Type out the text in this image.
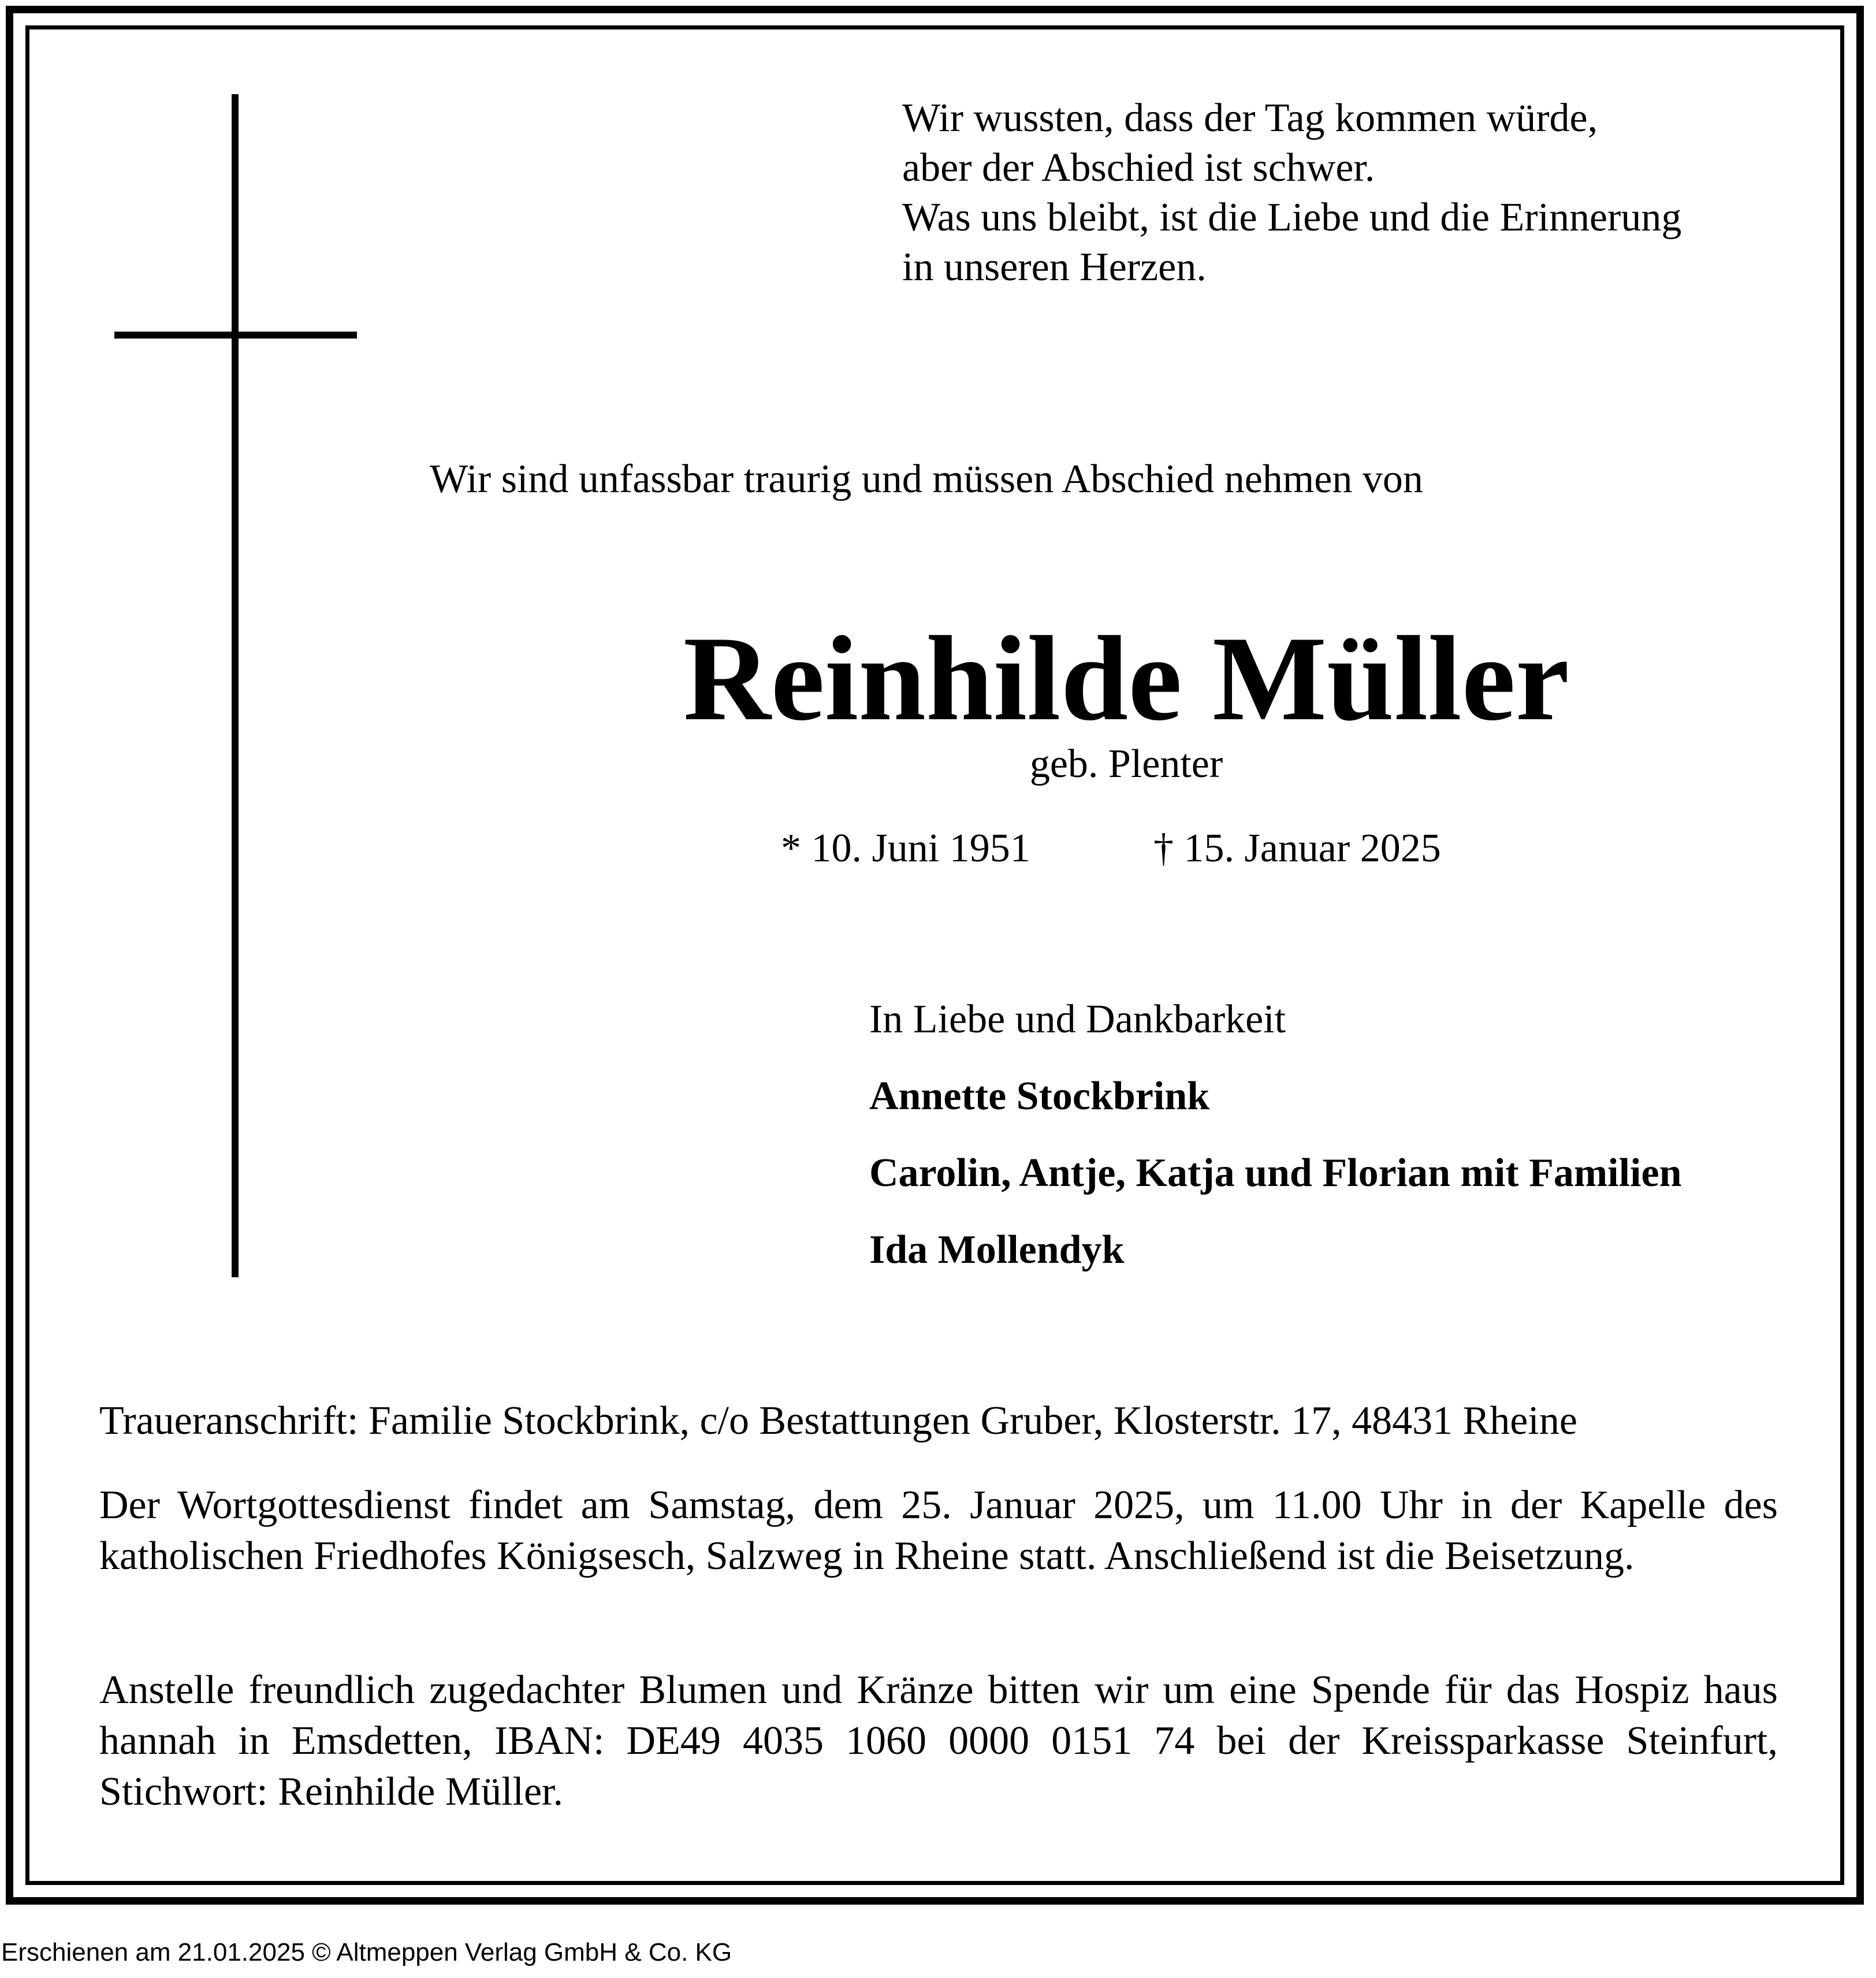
Wir wussten, dass der Tag kommen würde,
aber der Abschied ist schwer.
Was uns bleibt, ist die Liebe und die Erinnerung
in unseren Herzen.
Wir sind unfassbar traurig und müssen Abschied nehmen von
Reinhilde Müller
geb. Plenter
* 10. Juni 1951	† 15. Januar 2025
In Liebe und Dankbarkeit
Annette Stockbrink
Carolin, Antje, Katja und Florian mit Familien
Ida Mollendyk
Traueranschrift: Familie Stockbrink, c/o Bestattungen Gruber, Klosterstr. 17, 48431 Rheine
Der Wortgottesdienst findet am Samstag, dem 25. Januar 2025, um 11.00 Uhr in der Kapelle des katholischen Friedhofes Königsesch, Salzweg in Rheine statt. Anschließend ist die Beisetzung.
Anstelle freundlich zugedachter Blumen und Kränze bitten wir um eine Spende für das Hospiz haus hannah in Emsdetten, IBAN: DE49 4035 1060 0000 0151 74 bei der Kreissparkasse Steinfurt, Stichwort: Reinhilde Müller.
Erschienen am 21.01.2025 © Altmeppen Verlag GmbH & Co. KG
